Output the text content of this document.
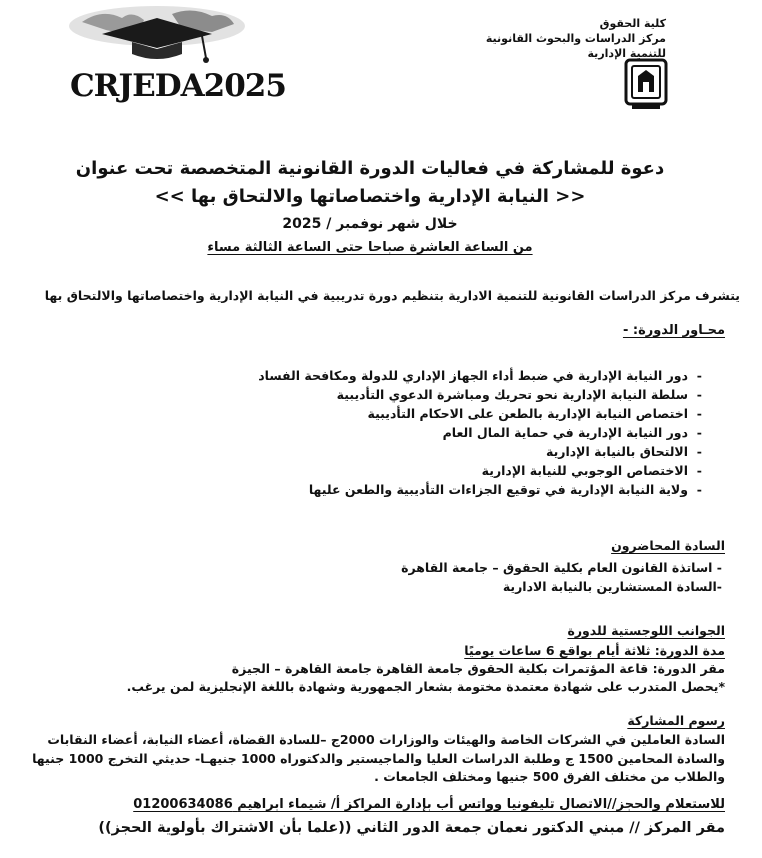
CRJEDA2025
كلية الحقوق
مركز الدراسات والبحوث القانونية للتنمية الإدارية
دعوة للمشاركة في فعاليات الدورة القانونية المتخصصة تحت عنوان
<< النيابة الإدارية واختصاصاتها والالتحاق بها >>
خلال شهر نوفمبر / 2025
من الساعة العاشرة صباحا حتى الساعة الثالثة مساء
يتشرف مركز الدراسات القانونية للتنمية الادارية بتنظيم دورة تدريبية في النيابة الإدارية واختصاصاتها والالتحاق بها
محـاور الدورة: -
- دور النيابة الإدارية في ضبط أداء الجهاز الإداري للدولة ومكافحة الفساد
- سلطة النيابة الإدارية نحو تحريك ومباشرة الدعوي التأديبية
- اختصاص النيابة الإدارية بالطعن على الاحكام التأديبية
- دور النيابة الإدارية في حماية المال العام
- الالتحاق بالنيابة الإدارية
- الاختصاص الوجوبي للنيابة الإدارية
- ولاية النيابة الإدارية في توقيع الجزاءات التأديبية والطعن عليها
السادة المحاضرون
- اساتذة القانون العام بكلية الحقوق – جامعة القاهرة
-السادة المستشارين بالنيابة الادارية
الجوانب اللوجستية للدورة
مدة الدورة: ثلاثة أيام بواقع 6 ساعات يوميًا
مقر الدورة: قاعة المؤتمرات بكلية الحقوق جامعة القاهرة جامعة القاهرة – الجيزة
*يحصل المتدرب على شهادة معتمدة مختومة بشعار الجمهورية وشهادة باللغة الإنجليزية لمن يرغب.
رسوم المشاركة
السادة العاملين في الشركات الخاصة والهيئات والوزارات 2000ج –للسادة القضاة، أعضاء النيابة، أعضاء النقابات
والسادة المحامين 1500 ج وطلبة الدراسات العليا والماجيستير والدكتوراه 1000 جنيهـا- حديثي التخرج 1000 جنيها
والطلاب من مختلف الفرق 500 جنيها ومختلف الجامعات .
للاستعلام والحجز//الاتصال تليفونيا وواتس أب بإدارة المراكز أ/ شيماء ابراهيم 01200634086
مقر المركز // مبني الدكتور نعمان جمعة الدور الثاني ((علما بأن الاشتراك بأولوية الحجز))
